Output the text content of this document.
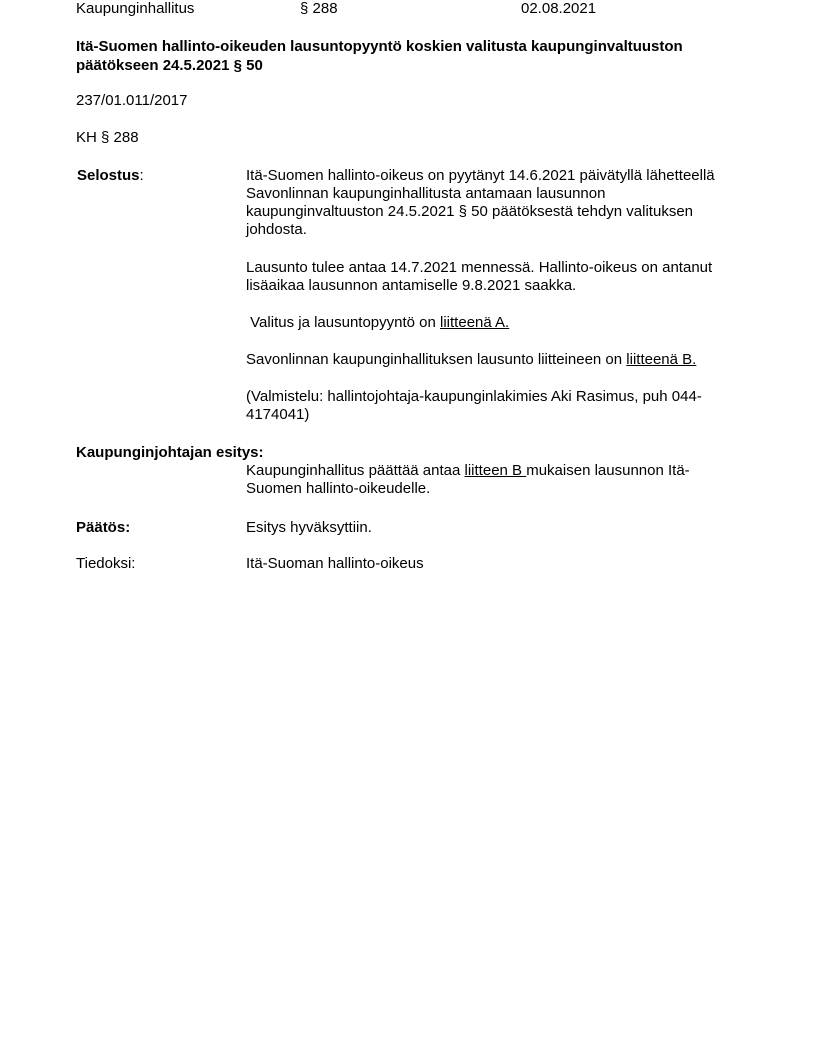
Kaupunginhallitus	§ 288	02.08.2021
Itä-Suomen hallinto-oikeuden lausuntopyyntö koskien valitusta kaupunginvaltuuston päätökseen 24.5.2021 § 50
237/01.011/2017
KH § 288
Selostus:	Itä-Suomen hallinto-oikeus on pyytänyt 14.6.2021 päivätyllä lähetteellä Savonlinnan kaupunginhallitusta antamaan lausunnon kaupunginvaltuuston 24.5.2021 § 50 päätöksestä tehdyn valituksen johdosta.
Lausunto tulee antaa 14.7.2021 mennessä. Hallinto-oikeus on antanut lisäaikaa lausunnon antamiselle 9.8.2021 saakka.
Valitus ja lausuntopyyntö on liitteenä A.
Savonlinnan kaupunginhallituksen lausunto liitteineen on liitteenä B.
(Valmistelu: hallintojohtaja-kaupunginlakimies Aki Rasimus, puh 044-4174041)
Kaupunginjohtajan esitys:
Kaupunginhallitus päättää antaa liitteen B mukaisen lausunnon Itä-Suomen hallinto-oikeudelle.
Päätös:	Esitys hyväksyttiin.
Tiedoksi:	Itä-Suoman hallinto-oikeus
